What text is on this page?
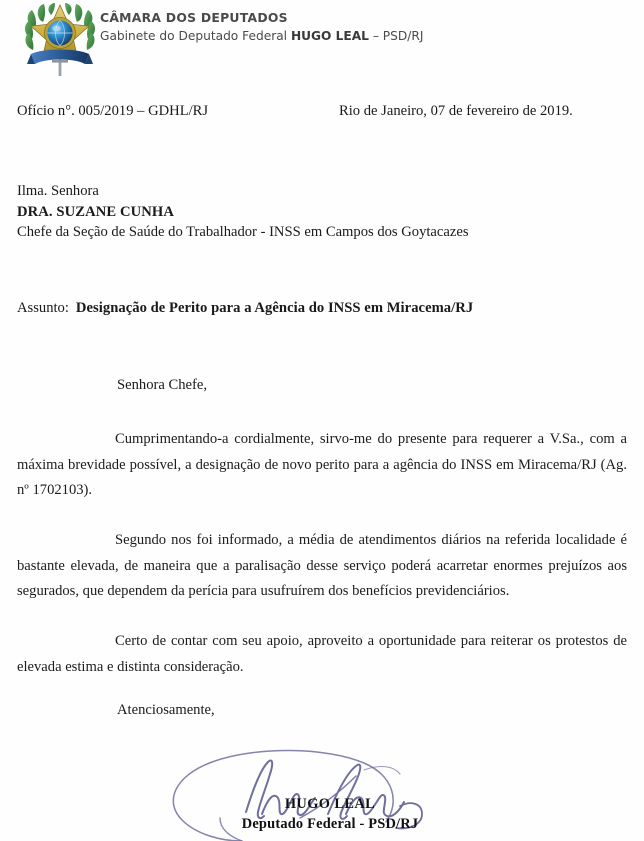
CÂMARA DOS DEPUTADOS
Gabinete do Deputado Federal HUGO LEAL – PSD/RJ
Ofício n°. 005/2019 – GDHL/RJ	Rio de Janeiro, 07 de fevereiro de 2019.
Ilma. Senhora
DRA. SUZANE CUNHA
Chefe da Seção de Saúde do Trabalhador - INSS em Campos dos Goytacazes
Assunto: Designação de Perito para a Agência do INSS em Miracema/RJ
Senhora Chefe,
Cumprimentando-a cordialmente, sirvo-me do presente para requerer a V.Sa., com a máxima brevidade possível, a designação de novo perito para a agência do INSS em Miracema/RJ (Ag. nº 1702103).
Segundo nos foi informado, a média de atendimentos diários na referida localidade é bastante elevada, de maneira que a paralisação desse serviço poderá acarretar enormes prejuízos aos segurados, que dependem da perícia para usufruírem dos benefícios previdenciários.
Certo de contar com seu apoio, aproveito a oportunidade para reiterar os protestos de elevada estima e distinta consideração.
Atenciosamente,
HUGO LEAL
Deputado Federal - PSD/RJ
